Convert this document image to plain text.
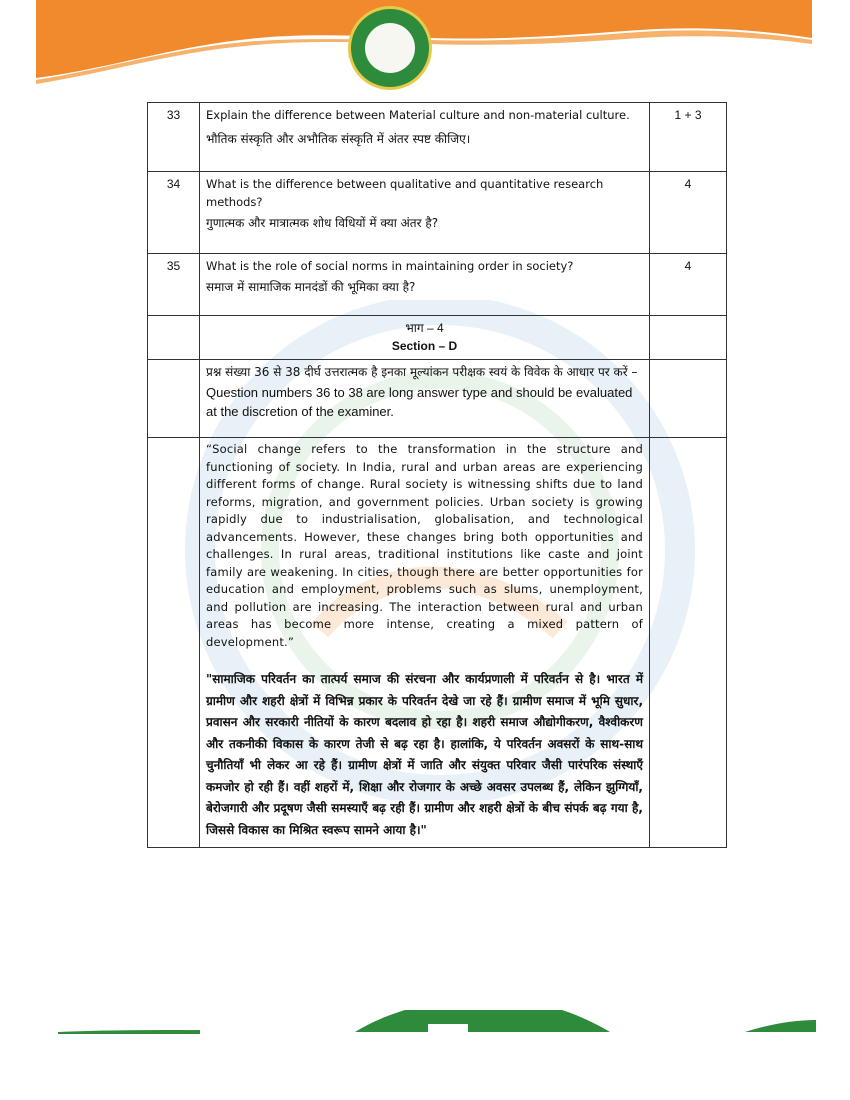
33	Explain the difference between Material culture and non-material culture.
भौतिक संस्कृति और अभौतिक संस्कृति में अंतर स्पष्ट कीजिए।	1 + 3
34	What is the difference between qualitative and quantitative research methods?
गुणात्मक और मात्रात्मक शोध विधियों में क्या अंतर है?	4
35	What is the role of social norms in maintaining order in society?
समाज में सामाजिक मानदंडों की भूमिका क्या है?	4

	भाग – 4
Section – D	

	प्रश्न संख्या 36 से 38 दीर्घ उत्तरात्मक है इनका मूल्यांकन परीक्षक स्वयं के विवेक के आधार पर करें –
Question numbers 36 to 38 are long answer type and should be evaluated at the discretion of the examiner.	

	“Social change refers to the transformation in the structure and functioning of society. In India, rural and urban areas are experiencing different forms of change. Rural society is witnessing shifts due to land reforms, migration, and government policies. Urban society is growing rapidly due to industrialisation, globalisation, and technological advancements. However, these changes bring both opportunities and challenges. In rural areas, traditional institutions like caste and joint family are weakening. In cities, though there are better opportunities for education and employment, problems such as slums, unemployment, and pollution are increasing. The interaction between rural and urban areas has become more intense, creating a mixed pattern of development.”
"सामाजिक परिवर्तन का तात्पर्य समाज की संरचना और कार्यप्रणाली में परिवर्तन से है। भारत में ग्रामीण और शहरी क्षेत्रों में विभिन्न प्रकार के परिवर्तन देखे जा रहे हैं। ग्रामीण समाज में भूमि सुधार, प्रवासन और सरकारी नीतियों के कारण बदलाव हो रहा है। शहरी समाज औद्योगीकरण, वैश्वीकरण और तकनीकी विकास के कारण तेजी से बढ़ रहा है। हालांकि, ये परिवर्तन अवसरों के साथ-साथ चुनौतियाँ भी लेकर आ रहे हैं। ग्रामीण क्षेत्रों में जाति और संयुक्त परिवार जैसी पारंपरिक संस्थाएँ कमजोर हो रही हैं। वहीं शहरों में, शिक्षा और रोजगार के अच्छे अवसर उपलब्ध हैं, लेकिन झुग्गियाँ, बेरोजगारी और प्रदूषण जैसी समस्याएँ बढ़ रही हैं। ग्रामीण और शहरी क्षेत्रों के बीच संपर्क बढ़ गया है, जिससे विकास का मिश्रित स्वरूप सामने आया है।"	
